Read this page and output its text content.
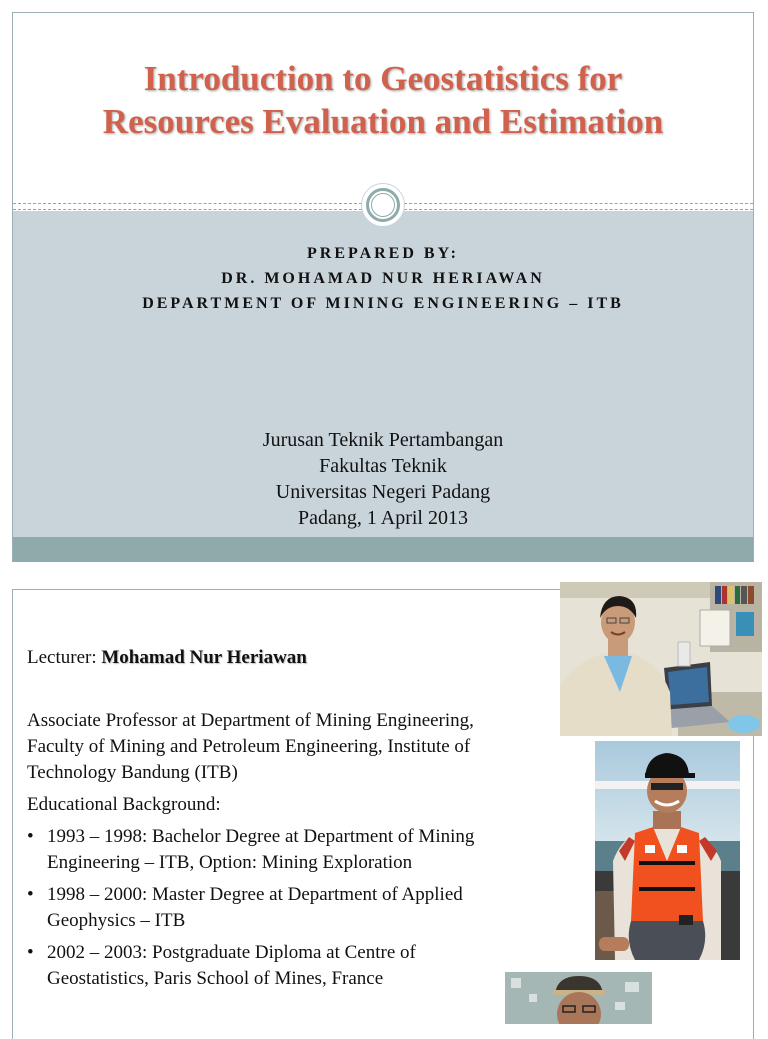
Introduction to Geostatistics for
Resources Evaluation and Estimation
PREPARED BY:
DR. MOHAMAD NUR HERIAWAN
DEPARTMENT OF MINING ENGINEERING – ITB
Jurusan Teknik Pertambangan
Fakultas Teknik
Universitas Negeri Padang
Padang, 1 April 2013
Lecturer: Mohamad Nur Heriawan
Associate Professor at Department of Mining Engineering, Faculty of Mining and Petroleum Engineering, Institute of Technology Bandung (ITB)
Educational Background:
• 1993 – 1998: Bachelor Degree at Department of Mining Engineering – ITB, Option: Mining Exploration
• 1998 – 2000: Master Degree at Department of Applied Geophysics – ITB
• 2002 – 2003: Postgraduate Diploma at Centre of Geostatistics, Paris School of Mines, France
